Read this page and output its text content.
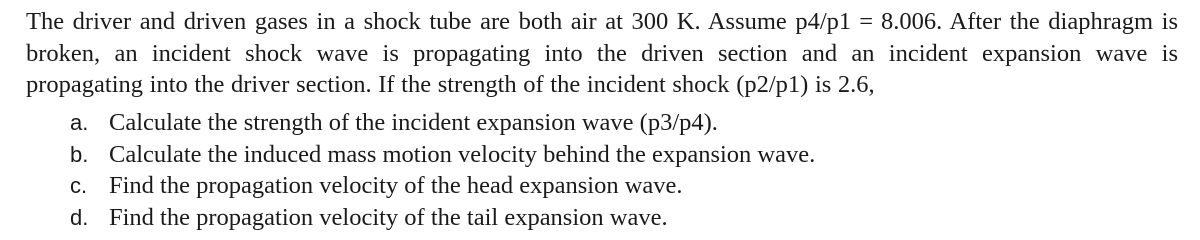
The driver and driven gases in a shock tube are both air at 300 K. Assume p4/p1 = 8.006. After the diaphragm is broken, an incident shock wave is propagating into the driven section and an incident expansion wave is propagating into the driver section. If the strength of the incident shock (p2/p1) is 2.6,
a. Calculate the strength of the incident expansion wave (p3/p4).
b. Calculate the induced mass motion velocity behind the expansion wave.
c. Find the propagation velocity of the head expansion wave.
d. Find the propagation velocity of the tail expansion wave.
